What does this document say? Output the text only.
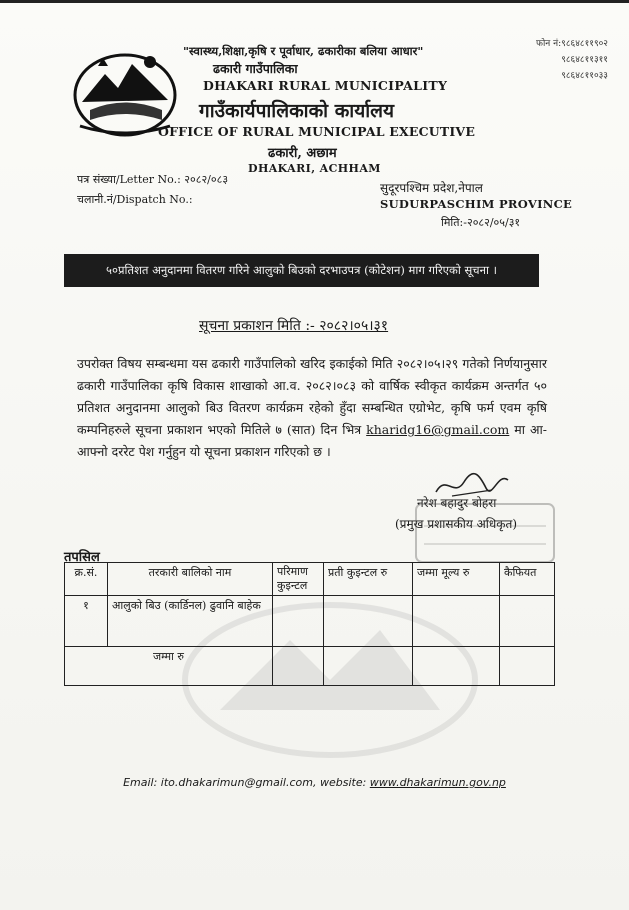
"स्वास्थ्य,शिक्षा,कृषि र पूर्वाधार, ढकारीका बलिया आधार"
ढकारी गाउँपालिका
DHAKARI RURAL MUNICIPALITY
गाउँकार्यपालिकाको कार्यालय
OFFICE OF RURAL MUNICIPAL EXECUTIVE
ढकारी, अछाम
DHAKARI, ACHHAM
फोन नं:९८६४८११९०२
९८६४८११३११
९८६४८११०३३
पत्र संख्या/Letter No.: २०८२/०८३
चलानी.नं/Dispatch No.:
सुदूरपश्चिम प्रदेश,नेपाल
SUDURPASCHIM PROVINCE
मिति:-२०८२/०५/३१
५०प्रतिशत अनुदानमा वितरण गरिने आलुको बिउको दरभाउपत्र (कोटेशन) माग गरिएको सूचना ।
सूचना प्रकाशन मिति :- २०८२।०५।३१
उपरोक्त विषय सम्बन्धमा यस ढकारी गाउँपालिको खरिद इकाईको मिति २०८२।०५।२९ गतेको निर्णयानुसार ढकारी गाउँपालिका कृषि विकास शाखाको आ.व. २०८२।०८३ को वार्षिक स्वीकृत कार्यक्रम अन्तर्गत ५० प्रतिशत अनुदानमा आलुको बिउ वितरण कार्यक्रम रहेको हुँदा सम्बन्धित एग्रोभेट, कृषि फर्म एवम कृषि कम्पनिहरुले सूचना प्रकाशन भएको मितिले ७ (सात) दिन भित्र kharidg16@gmail.com मा आ-आफ्नो दररेट पेश गर्नुहुन यो सूचना प्रकाशन गरिएको छ ।
नरेश बहादुर बोहरा
(प्रमुख प्रशासकीय अधिकृत)
तपसिल
क्र.सं.	तरकारी बालिको नाम	परिमाण कुइन्टल	प्रती कुइन्टल रु	जम्मा मूल्य रु	कैफियत
१	आलुको बिउ (कार्डिनल) ढुवानि बाहेक				
जम्मा रु					
Email: ito.dhakarimun@gmail.com, website: www.dhakarimun.gov.np
